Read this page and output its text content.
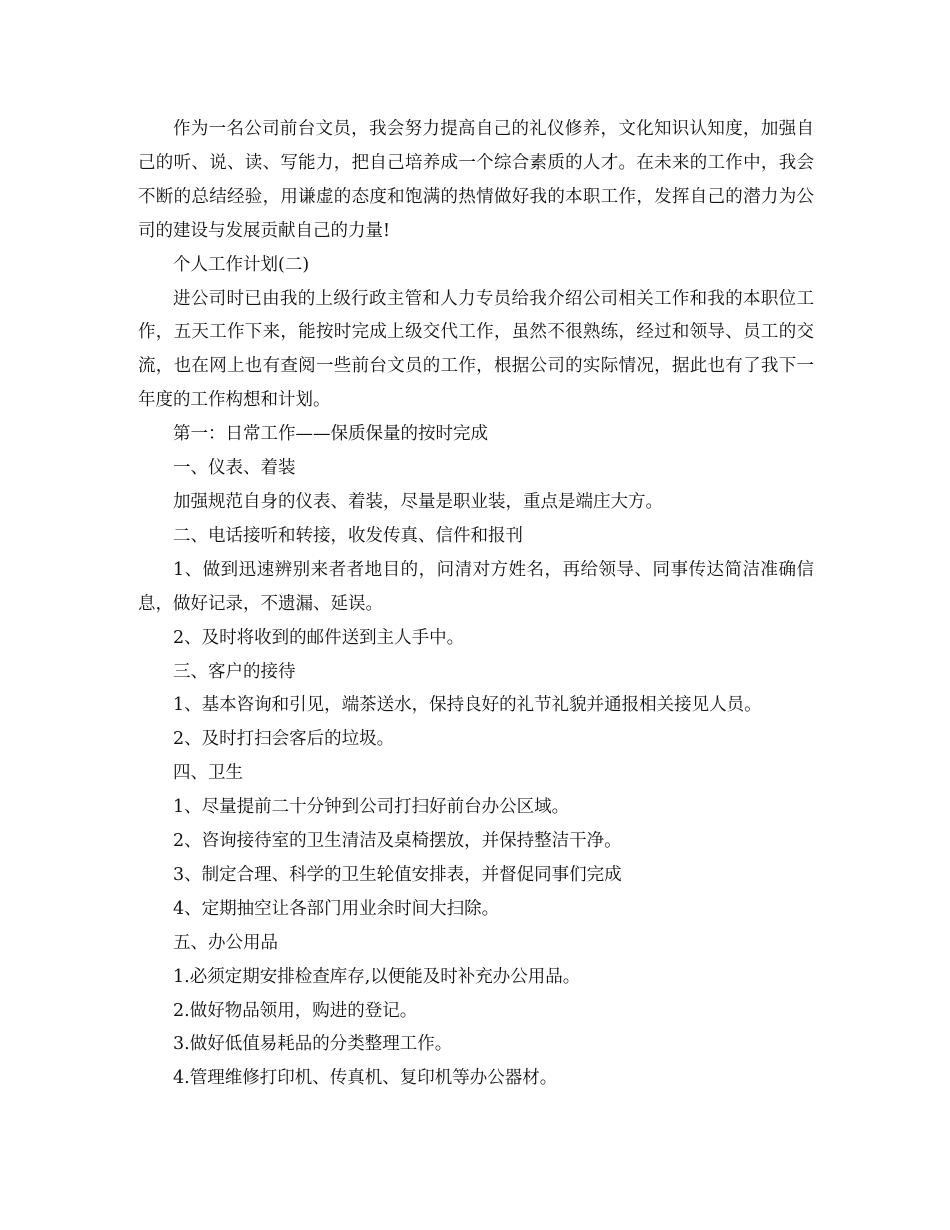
作为一名公司前台文员，我会努力提高自己的礼仪修养，文化知识认知度，加强自己的听、说、读、写能力，把自己培养成一个综合素质的人才。在未来的工作中，我会不断的总结经验，用谦虚的态度和饱满的热情做好我的本职工作，发挥自己的潜力为公司的建设与发展贡献自己的力量!

个人工作计划(二)

进公司时已由我的上级行政主管和人力专员给我介绍公司相关工作和我的本职位工作，五天工作下来，能按时完成上级交代工作，虽然不很熟练，经过和领导、员工的交流，也在网上也有查阅一些前台文员的工作，根据公司的实际情况，据此也有了我下一年度的工作构想和计划。

第一：日常工作——保质保量的按时完成

一、仪表、着装

加强规范自身的仪表、着装，尽量是职业装，重点是端庄大方。

二、电话接听和转接，收发传真、信件和报刊

1、做到迅速辨别来者者地目的，问清对方姓名，再给领导、同事传达简洁准确信息，做好记录，不遗漏、延误。

2、及时将收到的邮件送到主人手中。

三、客户的接待

1、基本咨询和引见，端茶送水，保持良好的礼节礼貌并通报相关接见人员。

2、及时打扫会客后的垃圾。

四、卫生

1、尽量提前二十分钟到公司打扫好前台办公区域。

2、咨询接待室的卫生清洁及桌椅摆放，并保持整洁干净。

3、制定合理、科学的卫生轮值安排表，并督促同事们完成

4、定期抽空让各部门用业余时间大扫除。

五、办公用品

1.必须定期安排检查库存,以便能及时补充办公用品。

2.做好物品领用，购进的登记。

3.做好低值易耗品的分类整理工作。

4.管理维修打印机、传真机、复印机等办公器材。
